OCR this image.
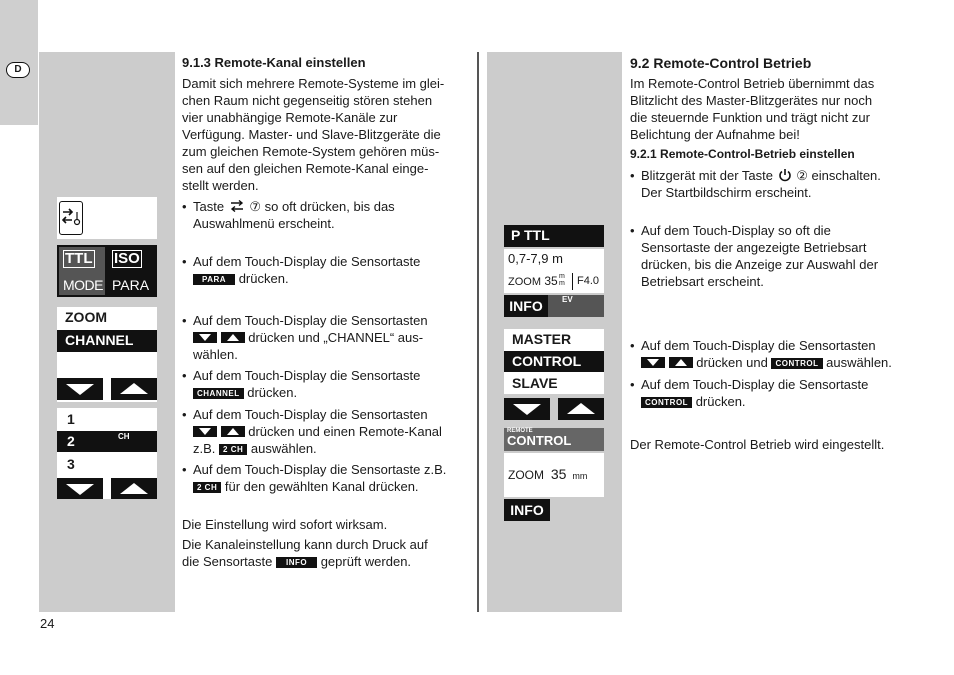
D
24
TTL
MODE
ISO
PARA
ZOOM
CHANNEL
1
2	CH
3
9.1.3 Remote-Kanal einstellen
Damit sich mehrere Remote-Systeme im glei-
chen Raum nicht gegenseitig stören stehen
vier unabhängige Remote-Kanäle zur
Verfügung. Master- und Slave-Blitzgeräte die
zum gleichen Remote-System gehören müs-
sen auf den gleichen Remote-Kanal einge-
stellt werden.
• Taste ⑦ so oft drücken, bis das
Auswahlmenü erscheint.
• Auf dem Touch-Display die Sensortaste
PARA drücken.
• Auf dem Touch-Display die Sensortasten
drücken und „CHANNEL“ aus-
wählen.
• Auf dem Touch-Display die Sensortaste
CHANNEL drücken.
• Auf dem Touch-Display die Sensortasten
drücken und einen Remote-Kanal
z.B. 2 CH auswählen.
• Auf dem Touch-Display die Sensortaste z.B.
2 CH für den gewählten Kanal drücken.
Die Einstellung wird sofort wirksam.
Die Kanaleinstellung kann durch Druck auf
die Sensortaste INFO geprüft werden.
P TTL
0,7-7,9 m
ZOOM 35 m
m	F4.0
INFO	EV
MASTER
CONTROL
SLAVE
REMOTE
CONTROL
ZOOM 35 mm
INFO
9.2 Remote-Control Betrieb
Im Remote-Control Betrieb übernimmt das
Blitzlicht des Master-Blitzgerätes nur noch
die steuernde Funktion und trägt nicht zur
Belichtung der Aufnahme bei!
9.2.1 Remote-Control-Betrieb einstellen
• Blitzgerät mit der Taste ② einschalten.
Der Startbildschirm erscheint.
• Auf dem Touch-Display so oft die
Sensortaste der angezeigte Betriebsart
drücken, bis die Anzeige zur Auswahl der
Betriebsart erscheint.
• Auf dem Touch-Display die Sensortasten
drücken und CONTROL auswählen.
• Auf dem Touch-Display die Sensortaste
CONTROL drücken.
Der Remote-Control Betrieb wird eingestellt.
